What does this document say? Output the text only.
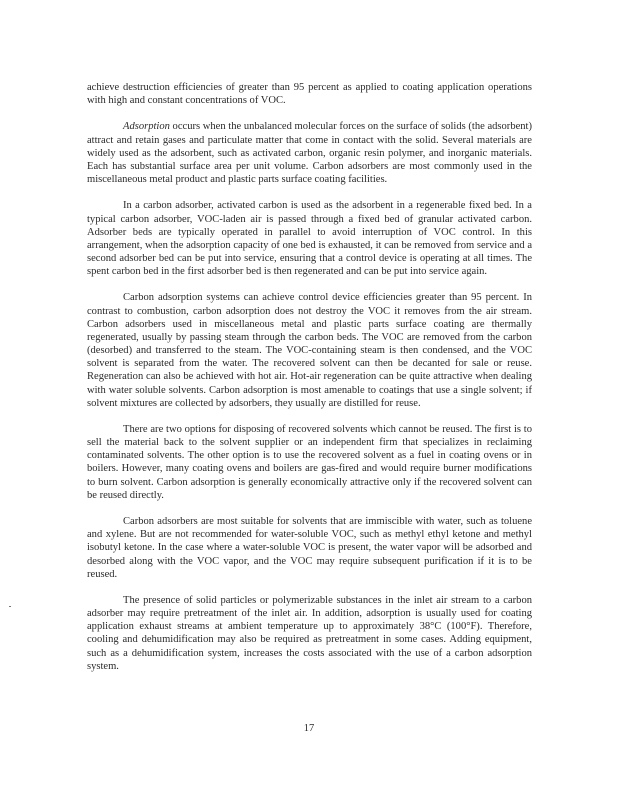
achieve destruction efficiencies of greater than 95 percent as applied to coating application operations with high and constant concentrations of VOC.

Adsorption occurs when the unbalanced molecular forces on the surface of solids (the adsorbent) attract and retain gases and particulate matter that come in contact with the solid. Several materials are widely used as the adsorbent, such as activated carbon, organic resin polymer, and inorganic materials. Each has substantial surface area per unit volume. Carbon adsorbers are most commonly used in the miscellaneous metal product and plastic parts surface coating facilities.

In a carbon adsorber, activated carbon is used as the adsorbent in a regenerable fixed bed. In a typical carbon adsorber, VOC-laden air is passed through a fixed bed of granular activated carbon. Adsorber beds are typically operated in parallel to avoid interruption of VOC control. In this arrangement, when the adsorption capacity of one bed is exhausted, it can be removed from service and a second adsorber bed can be put into service, ensuring that a control device is operating at all times. The spent carbon bed in the first adsorber bed is then regenerated and can be put into service again.

Carbon adsorption systems can achieve control device efficiencies greater than 95 percent. In contrast to combustion, carbon adsorption does not destroy the VOC it removes from the air stream. Carbon adsorbers used in miscellaneous metal and plastic parts surface coating are thermally regenerated, usually by passing steam through the carbon beds. The VOC are removed from the carbon (desorbed) and transferred to the steam. The VOC-containing steam is then condensed, and the VOC solvent is separated from the water. The recovered solvent can then be decanted for sale or reuse. Regeneration can also be achieved with hot air. Hot-air regeneration can be quite attractive when dealing with water soluble solvents. Carbon adsorption is most amenable to coatings that use a single solvent; if solvent mixtures are collected by adsorbers, they usually are distilled for reuse.

There are two options for disposing of recovered solvents which cannot be reused. The first is to sell the material back to the solvent supplier or an independent firm that specializes in reclaiming contaminated solvents. The other option is to use the recovered solvent as a fuel in coating ovens or in boilers. However, many coating ovens and boilers are gas-fired and would require burner modifications to burn solvent. Carbon adsorption is generally economically attractive only if the recovered solvent can be reused directly.

Carbon adsorbers are most suitable for solvents that are immiscible with water, such as toluene and xylene. But are not recommended for water-soluble VOC, such as methyl ethyl ketone and methyl isobutyl ketone. In the case where a water-soluble VOC is present, the water vapor will be adsorbed and desorbed along with the VOC vapor, and the VOC may require subsequent purification if it is to be reused.

The presence of solid particles or polymerizable substances in the inlet air stream to a carbon adsorber may require pretreatment of the inlet air. In addition, adsorption is usually used for coating application exhaust streams at ambient temperature up to approximately 38°C (100°F). Therefore, cooling and dehumidification may also be required as pretreatment in some cases. Adding equipment, such as a dehumidification system, increases the costs associated with the use of a carbon adsorption system.

17
